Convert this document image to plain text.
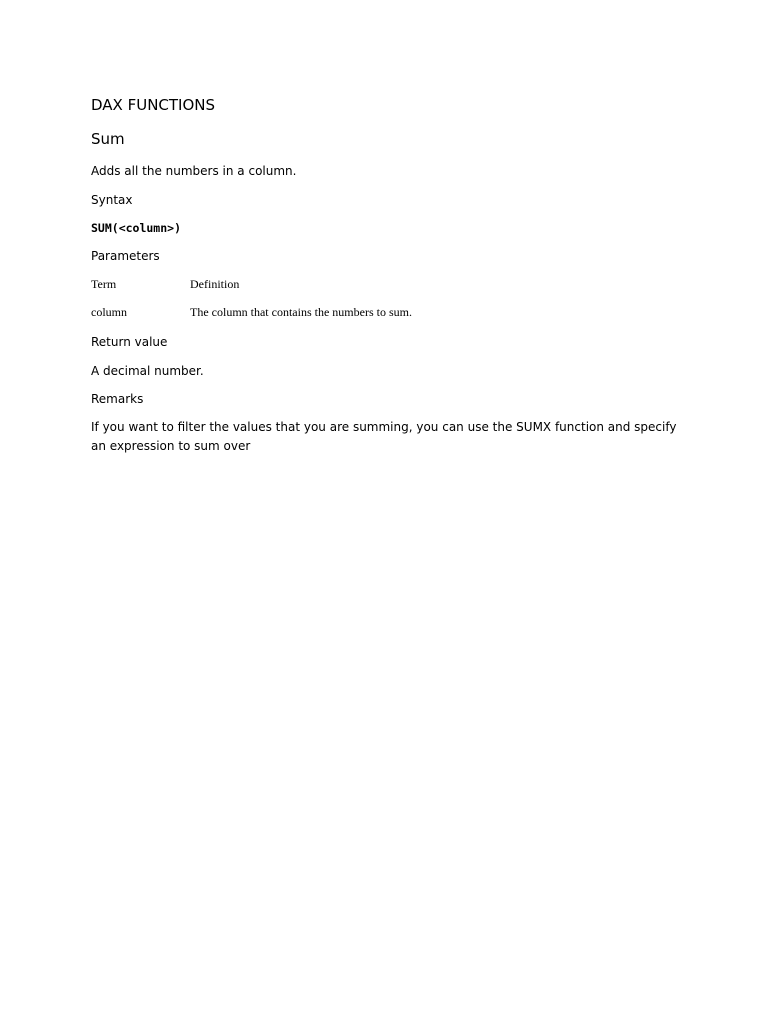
DAX FUNCTIONS
Sum

Adds all the numbers in a column.

Syntax

SUM(<column>)

Parameters

Term	Definition
column	The column that contains the numbers to sum.

Return value

A decimal number.

Remarks

If you want to filter the values that you are summing, you can use the SUMX function and specify an expression to sum over
